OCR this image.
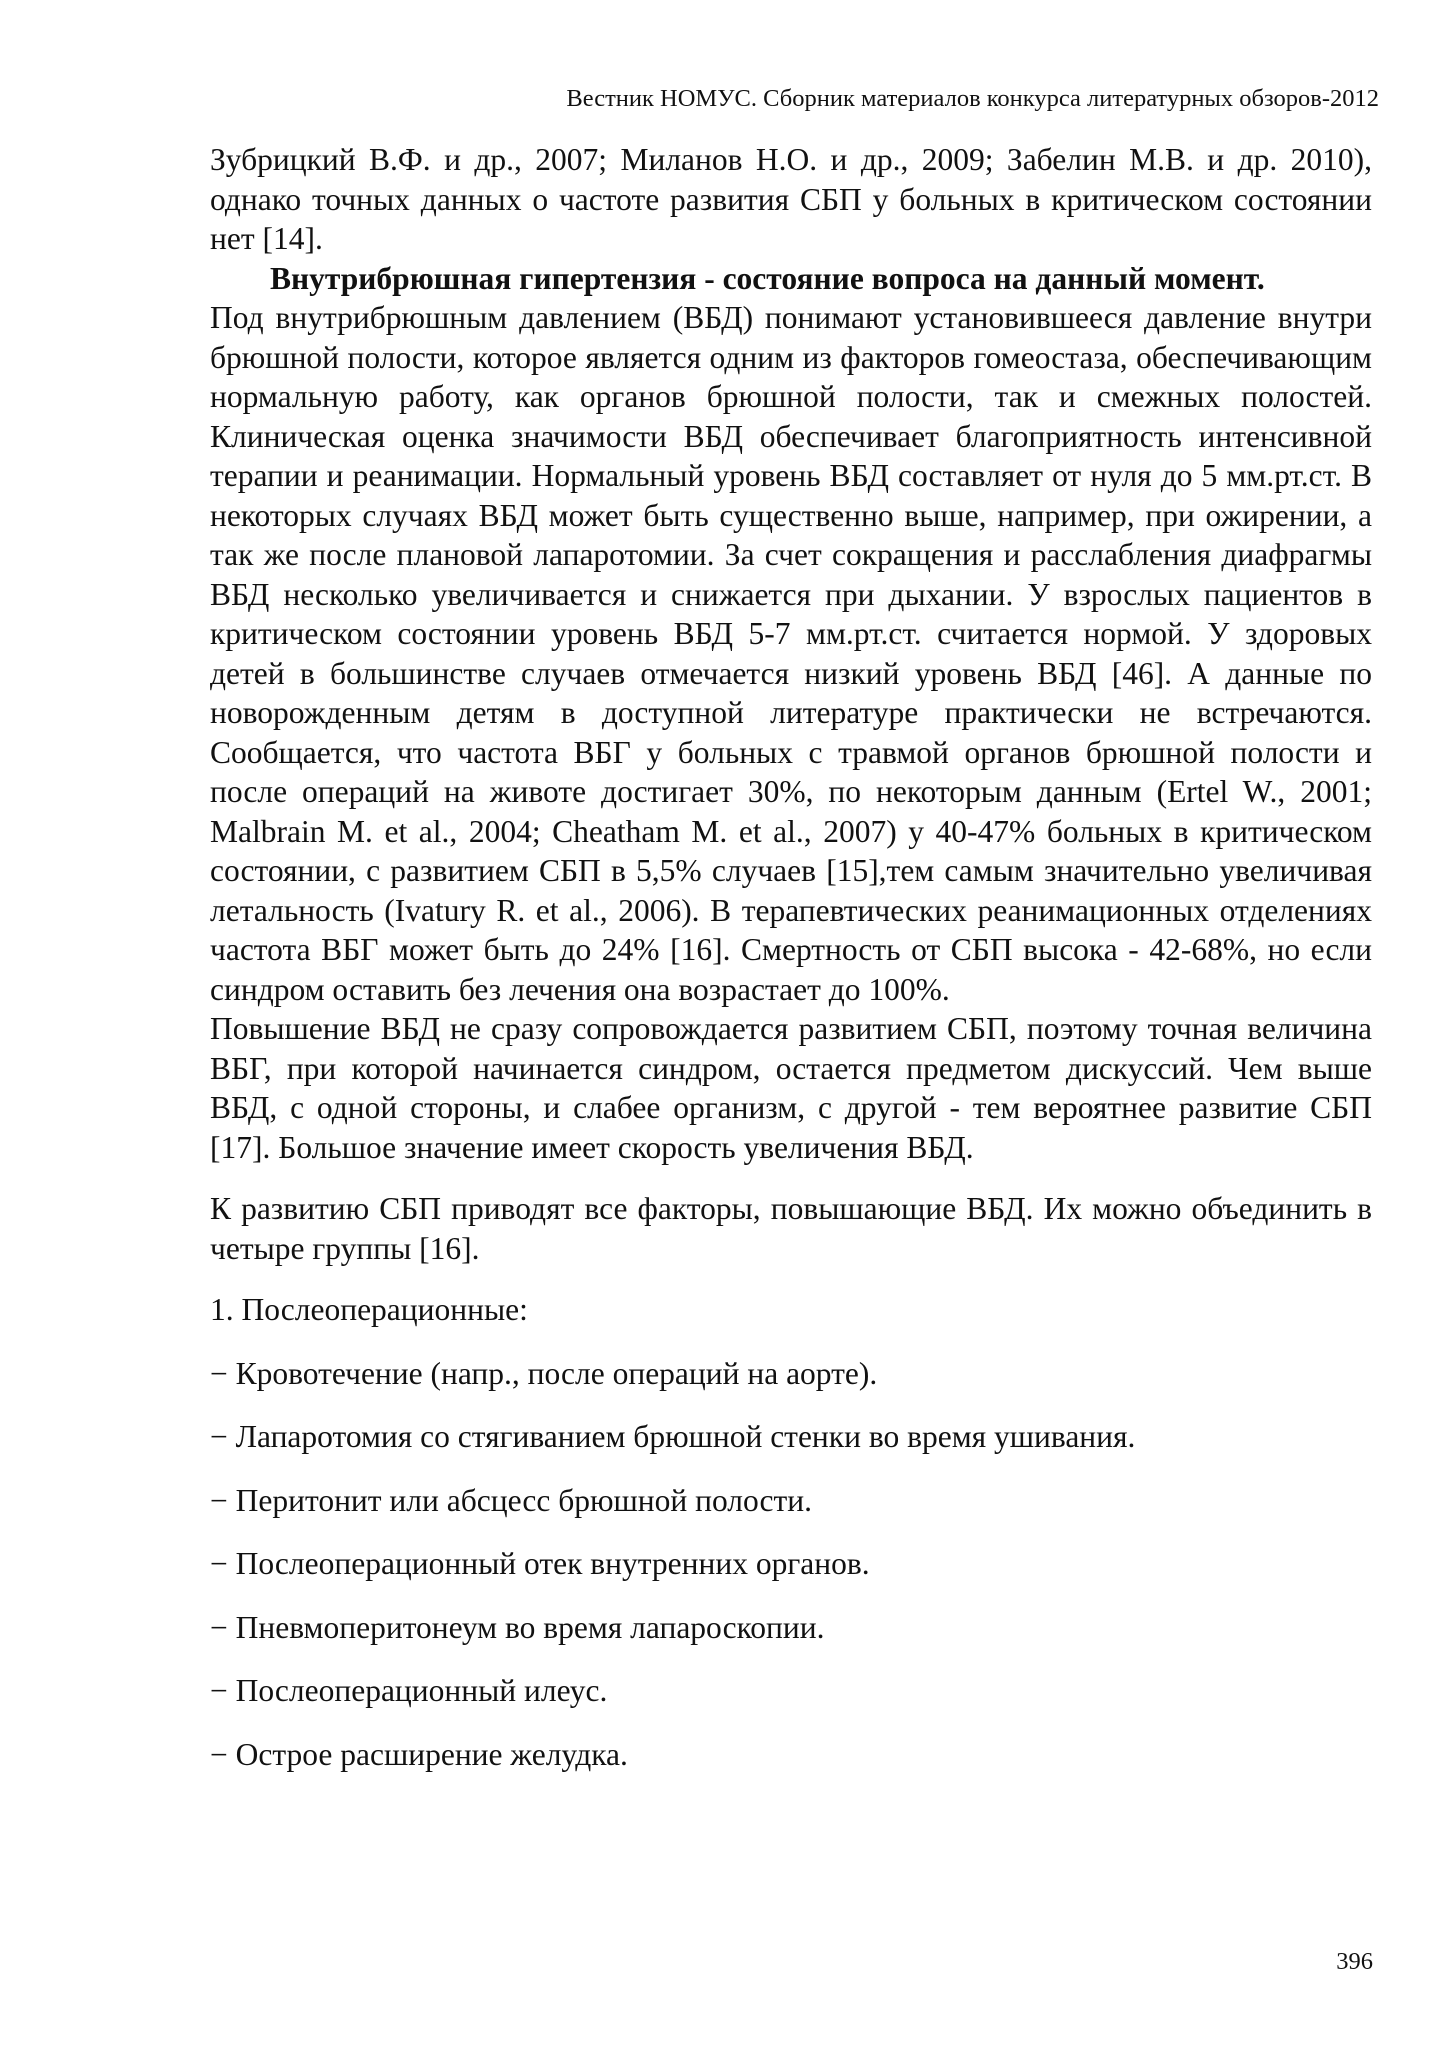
Вестник НОМУС. Сборник материалов конкурса литературных обзоров-2012

Зубрицкий В.Ф. и др., 2007; Миланов Н.О. и др., 2009; Забелин М.В. и др. 2010), однако точных данных о частоте развития СБП у больных в критическом состоянии нет [14].

Внутрибрюшная гипертензия - состояние вопроса на данный момент.

Под внутрибрюшным давлением (ВБД) понимают установившееся давление внутри брюшной полости, которое является одним из факторов гомеостаза, обеспечивающим нормальную работу, как органов брюшной полости, так и смежных полостей. Клиническая оценка значимости ВБД обеспечивает благоприятность интенсивной терапии и реанимации. Нормальный уровень ВБД составляет от нуля до 5 мм.рт.ст. В некоторых случаях ВБД может быть существенно выше, например, при ожирении, а так же после плановой лапаротомии. За счет сокращения и расслабления диафрагмы ВБД несколько увеличивается и снижается при дыхании. У взрослых пациентов в критическом состоянии уровень ВБД 5-7 мм.рт.ст. считается нормой. У здоровых детей в большинстве случаев отмечается низкий уровень ВБД [46]. А данные по новорожденным детям в доступной литературе практически не встречаются. Сообщается, что частота ВБГ у больных с травмой органов брюшной полости и после операций на животе достигает 30%, по некоторым данным (Ertel W., 2001; Malbrain M. et al., 2004; Cheatham M. et al., 2007) у 40-47% больных в критическом состоянии, с развитием СБП в 5,5% случаев [15],тем самым значительно увеличивая летальность (Ivatury R. et al., 2006). В терапевтических реанимационных отделениях частота ВБГ может быть до 24% [16]. Смертность от СБП высока - 42-68%, но если синдром оставить без лечения она возрастает до 100%.

Повышение ВБД не сразу сопровождается развитием СБП, поэтому точная величина ВБГ, при которой начинается синдром, остается предметом дискуссий. Чем выше ВБД, с одной стороны, и слабее организм, с другой - тем вероятнее развитие СБП [17]. Большое значение имеет скорость увеличения ВБД.

К развитию СБП приводят все факторы, повышающие ВБД. Их можно объединить в четыре группы [16].

1. Послеоперационные:

− Кровотечение (напр., после операций на аорте).

− Лапаротомия со стягиванием брюшной стенки во время ушивания.

− Перитонит или абсцесс брюшной полости.

− Послеоперационный отек внутренних органов.

− Пневмоперитонеум во время лапароскопии.

− Послеоперационный илеус.

− Острое расширение желудка.

396
